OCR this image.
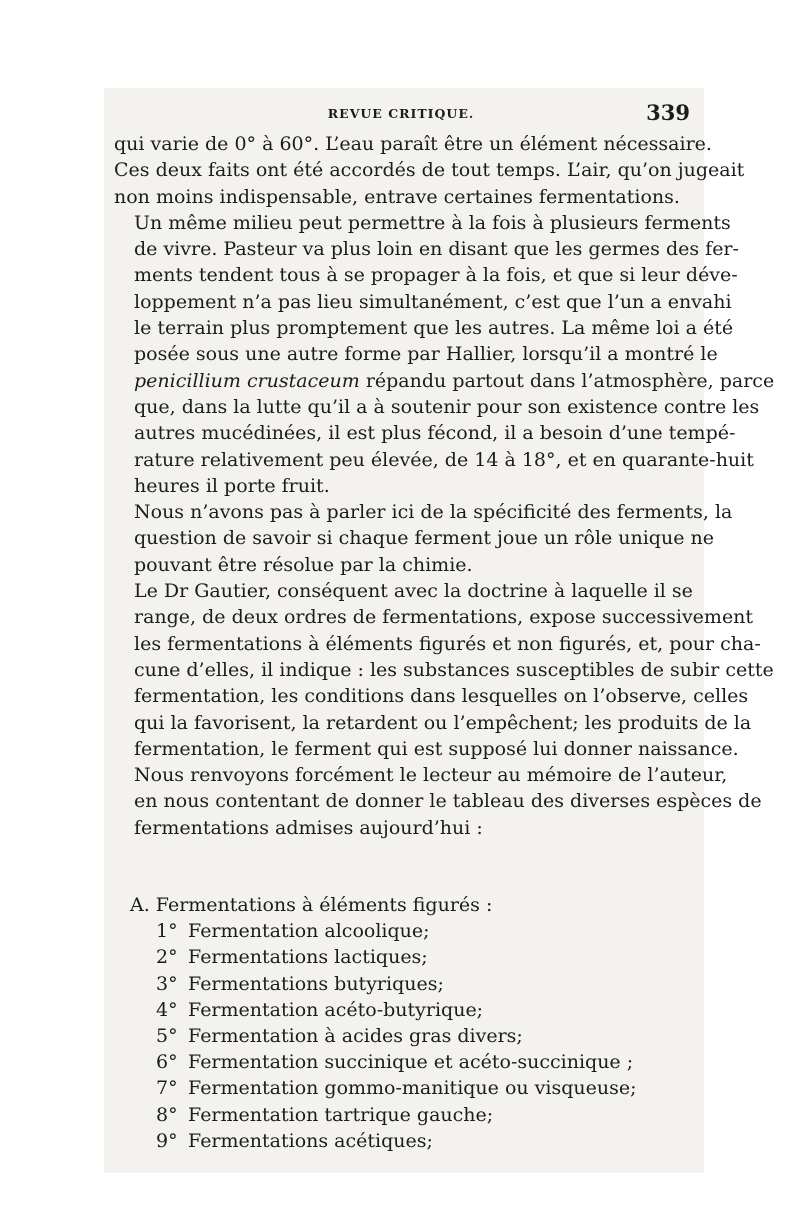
REVUE CRITIQUE.	339

qui varie de 0° à 60°. L’eau paraît être un élément nécessaire.
Ces deux faits ont été accordés de tout temps. L’air, qu’on jugeait
non moins indispensable, entrave certaines fermentations.

Un même milieu peut permettre à la fois à plusieurs ferments
de vivre. Pasteur va plus loin en disant que les germes des fer-
ments tendent tous à se propager à la fois, et que si leur déve-
loppement n’a pas lieu simultanément, c’est que l’un a envahi
le terrain plus promptement que les autres. La même loi a été
posée sous une autre forme par Hallier, lorsqu’il a montré le
penicillium crustaceum répandu partout dans l’atmosphère, parce
que, dans la lutte qu’il a à soutenir pour son existence contre les
autres mucédinées, il est plus fécond, il a besoin d’une tempé-
rature relativement peu élevée, de 14 à 18°, et en quarante-huit
heures il porte fruit.

Nous n’avons pas à parler ici de la spécificité des ferments, la
question de savoir si chaque ferment joue un rôle unique ne
pouvant être résolue par la chimie.

Le Dr Gautier, conséquent avec la doctrine à laquelle il se
range, de deux ordres de fermentations, expose successivement
les fermentations à éléments figurés et non figurés, et, pour cha-
cune d’elles, il indique : les substances susceptibles de subir cette
fermentation, les conditions dans lesquelles on l’observe, celles
qui la favorisent, la retardent ou l’empêchent; les produits de la
fermentation, le ferment qui est supposé lui donner naissance.

Nous renvoyons forcément le lecteur au mémoire de l’auteur,
en nous contentant de donner le tableau des diverses espèces de
fermentations admises aujourd’hui :

A. Fermentations à éléments figurés :
1° Fermentation alcoolique;
2° Fermentations lactiques;
3° Fermentations butyriques;
4° Fermentation acéto-butyrique;
5° Fermentation à acides gras divers;
6° Fermentation succinique et acéto-succinique ;
7° Fermentation gommo-manitique ou visqueuse;
8° Fermentation tartrique gauche;
9° Fermentations acétiques;
